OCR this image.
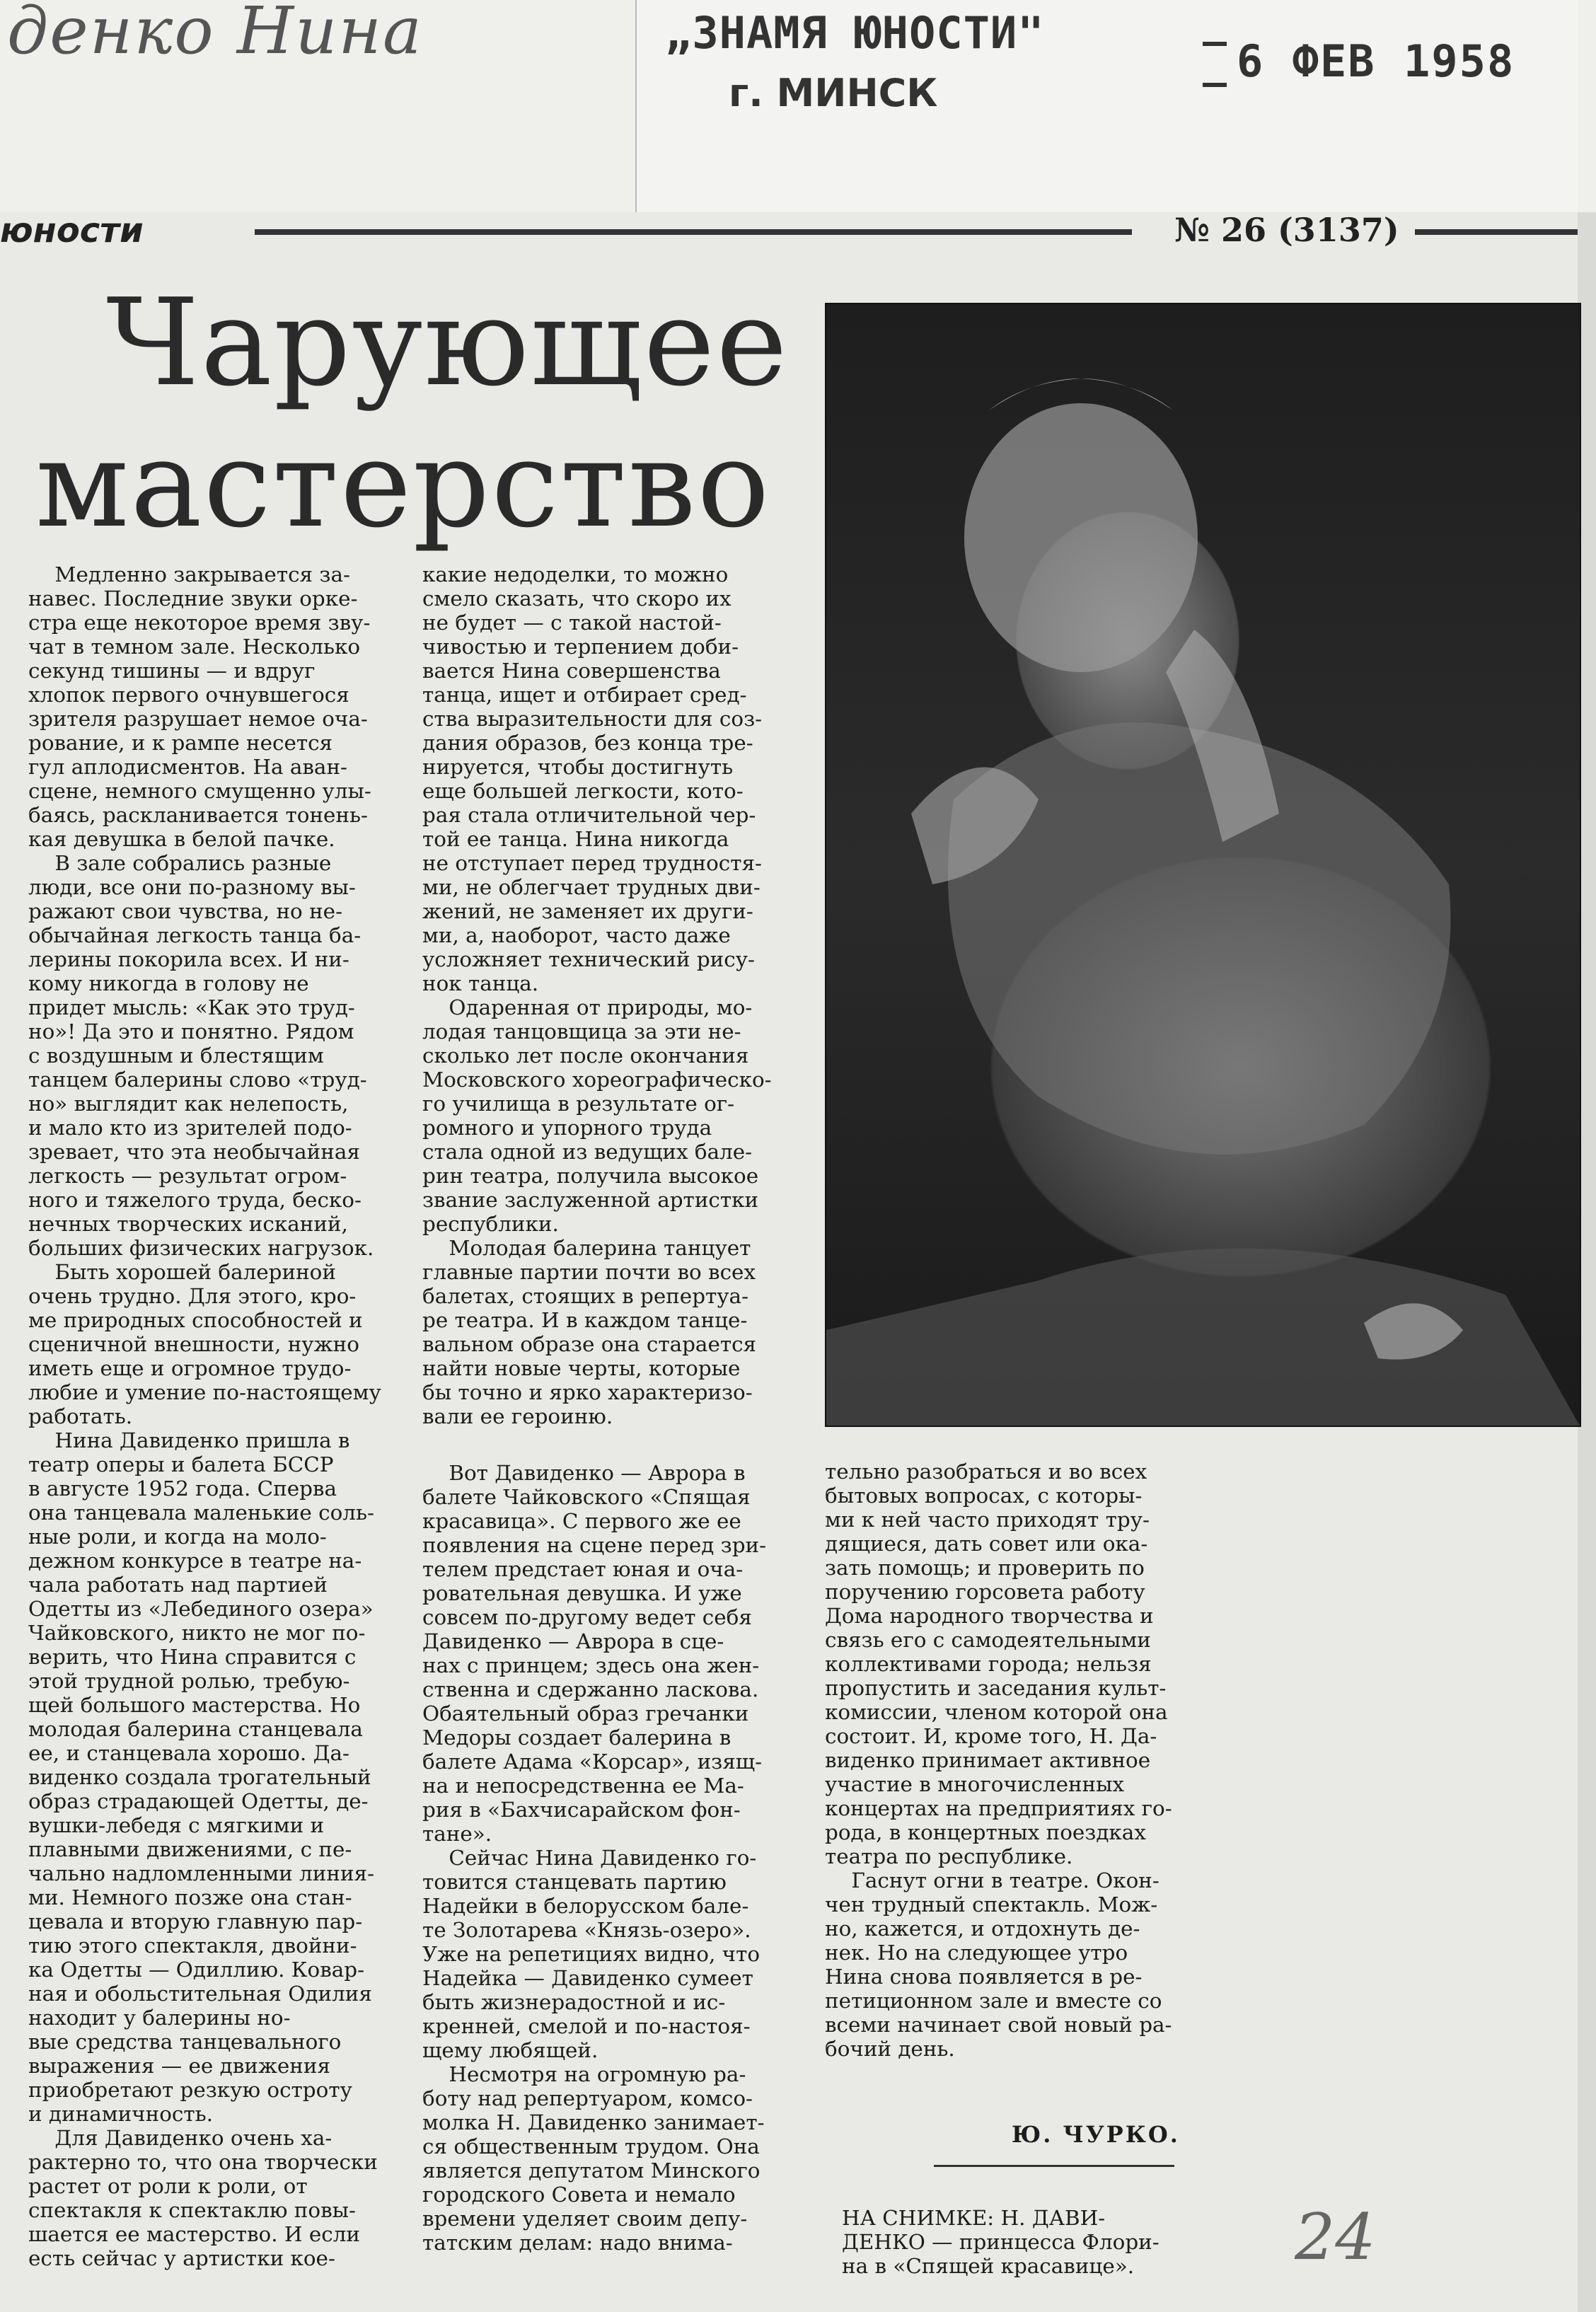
денко Нина	„ЗНАМЯ ЮНОСТИ"
г. МИНСК
6 ФЕВ 1958
юности	№ 26 (3137)
Чарующее
мастерство
Медленно закрывается за-
навес. Последние звуки орке-
стра еще некоторое время зву-
чат в темном зале. Несколько
секунд тишины — и вдруг
хлопок первого очнувшегося
зрителя разрушает немое оча-
рование, и к рампе несется
гул аплодисментов. На аван-
сцене, немного смущенно улы-
баясь, раскланивается тонень-
кая девушка в белой пачке.
В зале собрались разные
люди, все они по-разному вы-
ражают свои чувства, но не-
обычайная легкость танца ба-
лерины покорила всех. И ни-
кому никогда в голову не
придет мысль: «Как это труд-
но»! Да это и понятно. Рядом
с воздушным и блестящим
танцем балерины слово «труд-
но» выглядит как нелепость,
и мало кто из зрителей подо-
зревает, что эта необычайная
легкость — результат огром-
ного и тяжелого труда, беско-
нечных творческих исканий,
больших физических нагрузок.
Быть хорошей балериной
очень трудно. Для этого, кро-
ме природных способностей и
сценичной внешности, нужно
иметь еще и огромное трудо-
любие и умение по-настоящему
работать.
Нина Давиденко пришла в
театр оперы и балета БССР
в августе 1952 года. Сперва
она танцевала маленькие соль-
ные роли, и когда на моло-
дежном конкурсе в театре на-
чала работать над партией
Одетты из «Лебединого озера»
Чайковского, никто не мог по-
верить, что Нина справится с
этой трудной ролью, требую-
щей большого мастерства. Но
молодая балерина станцевала
ее, и станцевала хорошо. Да-
виденко создала трогательный
образ страдающей Одетты, де-
вушки-лебедя с мягкими и
плавными движениями, с пе-
чально надломленными линия-
ми. Немного позже она стан-
цевала и вторую главную пар-
тию этого спектакля, двойни-
ка Одетты — Одиллию. Ковар-
ная и обольстительная Одилия
находит у балерины но-
вые средства танцевального
выражения — ее движения
приобретают резкую остроту
и динамичность.
Для Давиденко очень ха-
рактерно то, что она творчески
растет от роли к роли, от
спектакля к спектаклю повы-
шается ее мастерство. И если
есть сейчас у артистки кое-
какие недоделки, то можно
смело сказать, что скоро их
не будет — с такой настой-
чивостью и терпением доби-
вается Нина совершенства
танца, ищет и отбирает сред-
ства выразительности для соз-
дания образов, без конца тре-
нируется, чтобы достигнуть
еще большей легкости, кото-
рая стала отличительной чер-
той ее танца. Нина никогда
не отступает перед трудностя-
ми, не облегчает трудных дви-
жений, не заменяет их други-
ми, а, наоборот, часто даже
усложняет технический рису-
нок танца.
Одаренная от природы, мо-
лодая танцовщица за эти не-
сколько лет после окончания
Московского хореографическо-
го училища в результате ог-
ромного и упорного труда
стала одной из ведущих бале-
рин театра, получила высокое
звание заслуженной артистки
республики.
Молодая балерина танцует
главные партии почти во всех
балетах, стоящих в репертуа-
ре театра. И в каждом танце-
вальном образе она старается
найти новые черты, которые
бы точно и ярко характеризо-
вали ее героиню.
Вот Давиденко — Аврора в
балете Чайковского «Спящая
красавица». С первого же ее
появления на сцене перед зри-
телем предстает юная и оча-
ровательная девушка. И уже
совсем по-другому ведет себя
Давиденко — Аврора в сце-
нах с принцем; здесь она жен-
ственна и сдержанно ласкова.
Обаятельный образ гречанки
Медоры создает балерина в
балете Адама «Корсар», изящ-
на и непосредственна ее Ма-
рия в «Бахчисарайском фон-
тане».
Сейчас Нина Давиденко го-
товится станцевать партию
Надейки в белорусском бале-
те Золотарева «Князь-озеро».
Уже на репетициях видно, что
Надейка — Давиденко сумеет
быть жизнерадостной и ис-
кренней, смелой и по-настоя-
щему любящей.
Несмотря на огромную ра-
боту над репертуаром, комсо-
молка Н. Давиденко занимает-
ся общественным трудом. Она
является депутатом Минского
городского Совета и немало
времени уделяет своим депу-
татским делам: надо внима-
тельно разобраться и во всех
бытовых вопросах, с которы-
ми к ней часто приходят тру-
дящиеся, дать совет или ока-
зать помощь; и проверить по
поручению горсовета работу
Дома народного творчества и
связь его с самодеятельными
коллективами города; нельзя
пропустить и заседания культ-
комиссии, членом которой она
состоит. И, кроме того, Н. Да-
виденко принимает активное
участие в многочисленных
концертах на предприятиях го-
рода, в концертных поездках
театра по республике.
Гаснут огни в театре. Окон-
чен трудный спектакль. Мож-
но, кажется, и отдохнуть де-
нек. Но на следующее утро
Нина снова появляется в ре-
петиционном зале и вместе со
всеми начинает свой новый ра-
бочий день.
Ю. ЧУРКО.
НА СНИМКЕ: Н. ДАВИ-
ДЕНКО — принцесса Флори-
на в «Спящей красавице».	24
